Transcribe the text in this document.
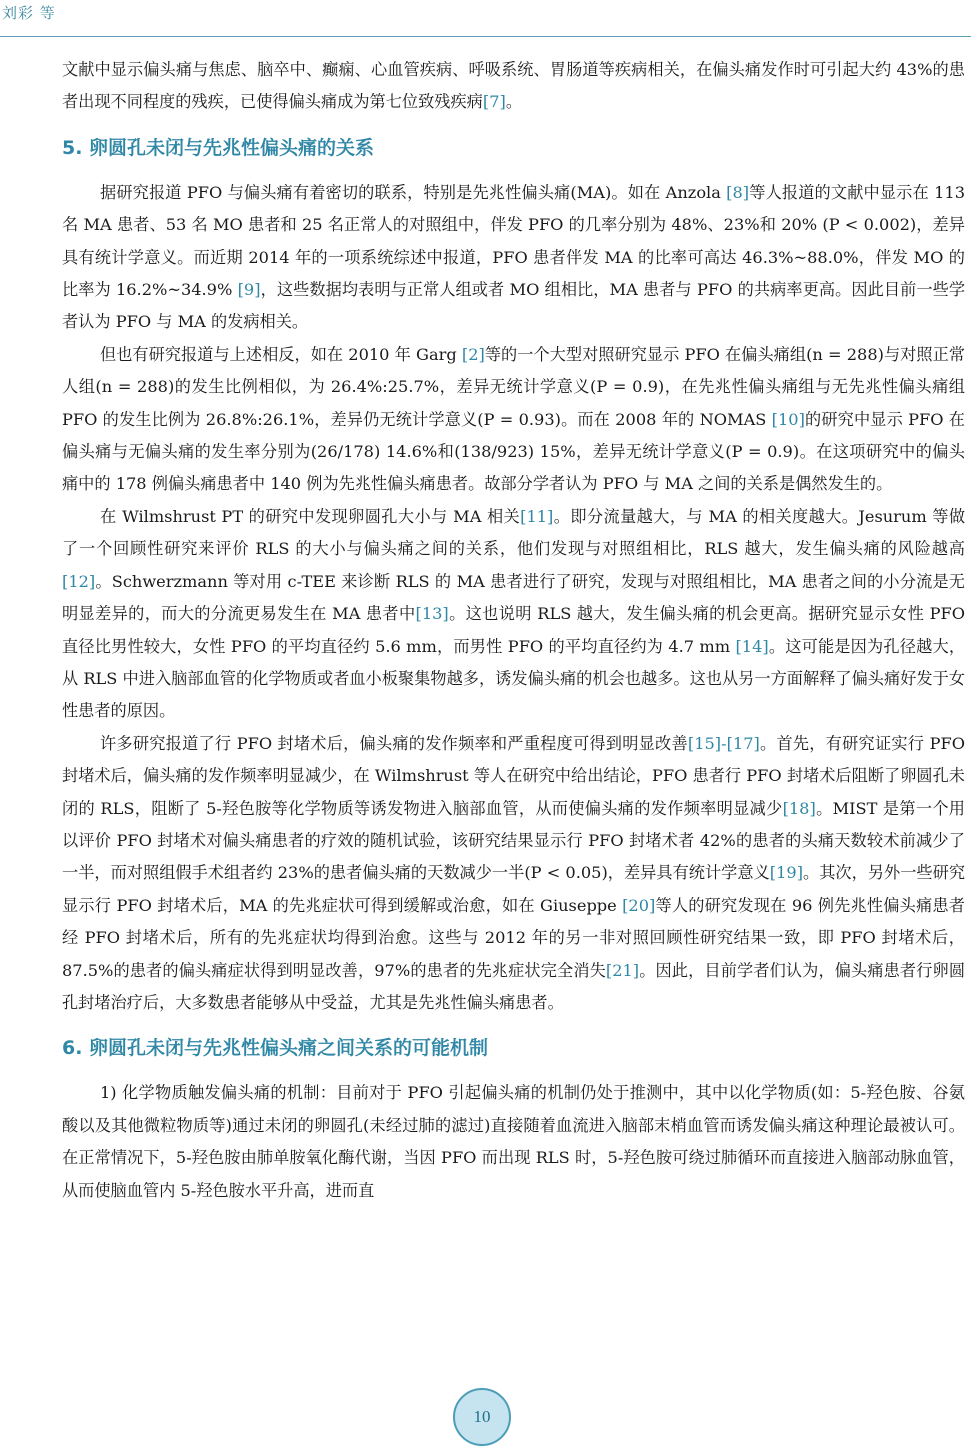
刘彩 等

文献中显示偏头痛与焦虑、脑卒中、癫痫、心血管疾病、呼吸系统、胃肠道等疾病相关，在偏头痛发作时可引起大约 43%的患者出现不同程度的残疾，已使得偏头痛成为第七位致残疾病[7]。

5. 卵圆孔未闭与先兆性偏头痛的关系

据研究报道 PFO 与偏头痛有着密切的联系，特别是先兆性偏头痛(MA)。如在 Anzola [8]等人报道的文献中显示在 113 名 MA 患者、53 名 MO 患者和 25 名正常人的对照组中，伴发 PFO 的几率分别为 48%、23%和 20% (P < 0.002)，差异具有统计学意义。而近期 2014 年的一项系统综述中报道，PFO 患者伴发 MA 的比率可高达 46.3%~88.0%，伴发 MO 的比率为 16.2%~34.9% [9]，这些数据均表明与正常人组或者 MO 组相比，MA 患者与 PFO 的共病率更高。因此目前一些学者认为 PFO 与 MA 的发病相关。

但也有研究报道与上述相反，如在 2010 年 Garg [2]等的一个大型对照研究显示 PFO 在偏头痛组(n = 288)与对照正常人组(n = 288)的发生比例相似，为 26.4%:25.7%，差异无统计学意义(P = 0.9)，在先兆性偏头痛组与无先兆性偏头痛组 PFO 的发生比例为 26.8%:26.1%，差异仍无统计学意义(P = 0.93)。而在 2008 年的 NOMAS [10]的研究中显示 PFO 在偏头痛与无偏头痛的发生率分别为(26/178) 14.6%和(138/923) 15%，差异无统计学意义(P = 0.9)。在这项研究中的偏头痛中的 178 例偏头痛患者中 140 例为先兆性偏头痛患者。故部分学者认为 PFO 与 MA 之间的关系是偶然发生的。

在 Wilmshrust PT 的研究中发现卵圆孔大小与 MA 相关[11]。即分流量越大，与 MA 的相关度越大。Jesurum 等做了一个回顾性研究来评价 RLS 的大小与偏头痛之间的关系，他们发现与对照组相比，RLS 越大，发生偏头痛的风险越高[12]。Schwerzmann 等对用 c-TEE 来诊断 RLS 的 MA 患者进行了研究，发现与对照组相比，MA 患者之间的小分流是无明显差异的，而大的分流更易发生在 MA 患者中[13]。这也说明 RLS 越大，发生偏头痛的机会更高。据研究显示女性 PFO 直径比男性较大，女性 PFO 的平均直径约 5.6 mm，而男性 PFO 的平均直径约为 4.7 mm [14]。这可能是因为孔径越大，从 RLS 中进入脑部血管的化学物质或者血小板聚集物越多，诱发偏头痛的机会也越多。这也从另一方面解释了偏头痛好发于女性患者的原因。

许多研究报道了行 PFO 封堵术后，偏头痛的发作频率和严重程度可得到明显改善[15]-[17]。首先，有研究证实行 PFO 封堵术后，偏头痛的发作频率明显减少，在 Wilmshrust 等人在研究中给出结论，PFO 患者行 PFO 封堵术后阻断了卵圆孔未闭的 RLS，阻断了 5-羟色胺等化学物质等诱发物进入脑部血管，从而使偏头痛的发作频率明显减少[18]。MIST 是第一个用以评价 PFO 封堵术对偏头痛患者的疗效的随机试验，该研究结果显示行 PFO 封堵术者 42%的患者的头痛天数较术前减少了一半，而对照组假手术组者约 23%的患者偏头痛的天数减少一半(P < 0.05)，差异具有统计学意义[19]。其次，另外一些研究显示行 PFO 封堵术后，MA 的先兆症状可得到缓解或治愈，如在 Giuseppe [20]等人的研究发现在 96 例先兆性偏头痛患者经 PFO 封堵术后，所有的先兆症状均得到治愈。这些与 2012 年的另一非对照回顾性研究结果一致，即 PFO 封堵术后，87.5%的患者的偏头痛症状得到明显改善，97%的患者的先兆症状完全消失[21]。因此，目前学者们认为，偏头痛患者行卵圆孔封堵治疗后，大多数患者能够从中受益，尤其是先兆性偏头痛患者。

6. 卵圆孔未闭与先兆性偏头痛之间关系的可能机制

1) 化学物质触发偏头痛的机制：目前对于 PFO 引起偏头痛的机制仍处于推测中，其中以化学物质(如：5-羟色胺、谷氨酸以及其他微粒物质等)通过未闭的卵圆孔(未经过肺的滤过)直接随着血流进入脑部末梢血管而诱发偏头痛这种理论最被认可。在正常情况下，5-羟色胺由肺单胺氧化酶代谢，当因 PFO 而出现 RLS 时，5-羟色胺可绕过肺循环而直接进入脑部动脉血管，从而使脑血管内 5-羟色胺水平升高，进而直

10
